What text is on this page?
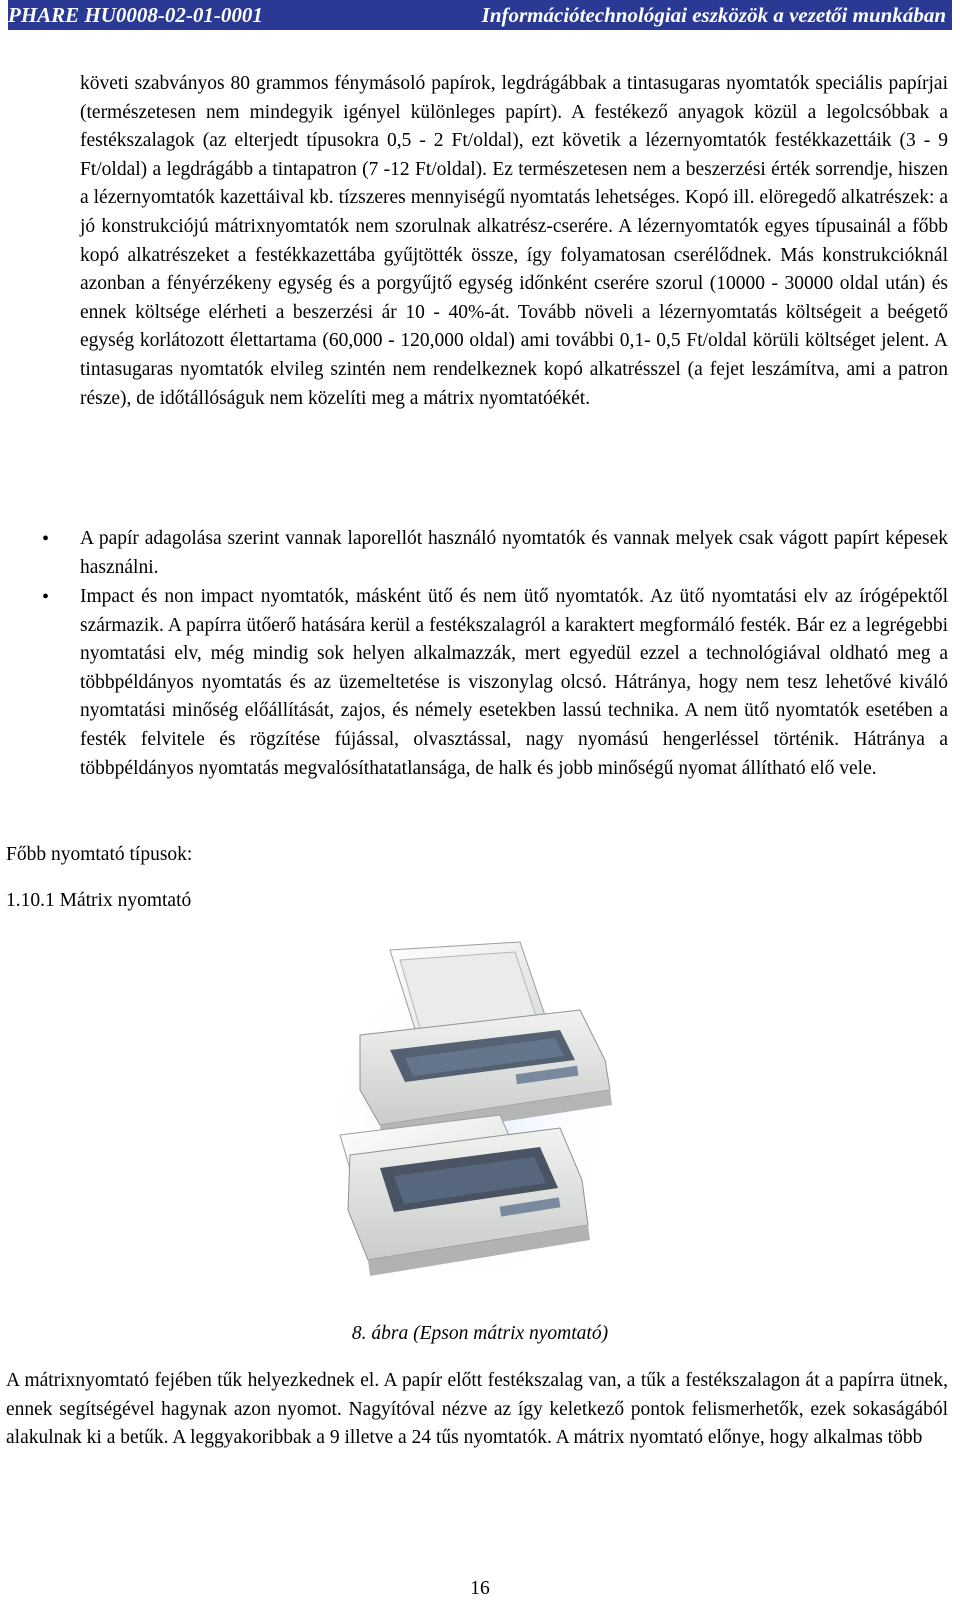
PHARE HU0008-02-01-0001	Információtechnológiai eszközök a vezetői munkában
követi szabványos 80 grammos fénymásoló papírok, legdrágábbak a tintasugaras nyomtatók speciális papírjai (természetesen nem mindegyik igényel különleges papírt). A festékező anyagok közül a legolcsóbbak a festékszalagok (az elterjedt típusokra 0,5 - 2 Ft/oldal), ezt követik a lézernyomtatók festékkazettáik (3 - 9 Ft/oldal) a legdrágább a tintapatron (7 -12 Ft/oldal). Ez természetesen nem a beszerzési érték sorrendje, hiszen a lézernyomtatók kazettáival kb. tízszeres mennyiségű nyomtatás lehetséges. Kopó ill. elöregedő alkatrészek: a jó konstrukciójú mátrixnyomtatók nem szorulnak alkatrész-cserére. A lézernyomtatók egyes típusainál a főbb kopó alkatrészeket a festékkazettába gyűjtötték össze, így folyamatosan cserélődnek. Más konstrukcióknál azonban a fényérzékeny egység és a porgyűjtő egység időnként cserére szorul (10000 - 30000 oldal után) és ennek költsége elérheti a beszerzési ár 10 - 40%-át. Tovább növeli a lézernyomtatás költségeit a beégető egység korlátozott élettartama (60,000 - 120,000 oldal) ami további 0,1- 0,5 Ft/oldal körüli költséget jelent. A tintasugaras nyomtatók elvileg szintén nem rendelkeznek kopó alkatrésszel (a fejet leszámítva, ami a patron része), de időtállóságuk nem közelíti meg a mátrix nyomtatóékét.
• A papír adagolása szerint vannak laporellót használó nyomtatók és vannak melyek csak vágott papírt képesek használni.
• Impact és non impact nyomtatók, másként ütő és nem ütő nyomtatók. Az ütő nyomtatási elv az írógépektől származik. A papírra ütőerő hatására kerül a festékszalagról a karaktert megformáló festék. Bár ez a legrégebbi nyomtatási elv, még mindig sok helyen alkalmazzák, mert egyedül ezzel a technológiával oldható meg a többpéldányos nyomtatás és az üzemeltetése is viszonylag olcsó. Hátránya, hogy nem tesz lehetővé kiváló nyomtatási minőség előállítását, zajos, és némely esetekben lassú technika. A nem ütő nyomtatók esetében a festék felvitele és rögzítése fújással, olvasztással, nagy nyomású hengerléssel történik. Hátránya a többpéldányos nyomtatás megvalósíthatatlansága, de halk és jobb minőségű nyomat állítható elő vele.
Főbb nyomtató típusok:
1.10.1 Mátrix nyomtató
8. ábra (Epson mátrix nyomtató)
A mátrixnyomtató fejében tűk helyezkednek el. A papír előtt festékszalag van, a tűk a festékszalagon át a papírra ütnek, ennek segítségével hagynak azon nyomot. Nagyítóval nézve az így keletkező pontok felismerhetők, ezek sokaságából alakulnak ki a betűk. A leggyakoribbak a 9 illetve a 24 tűs nyomtatók. A mátrix nyomtató előnye, hogy alkalmas több
16
